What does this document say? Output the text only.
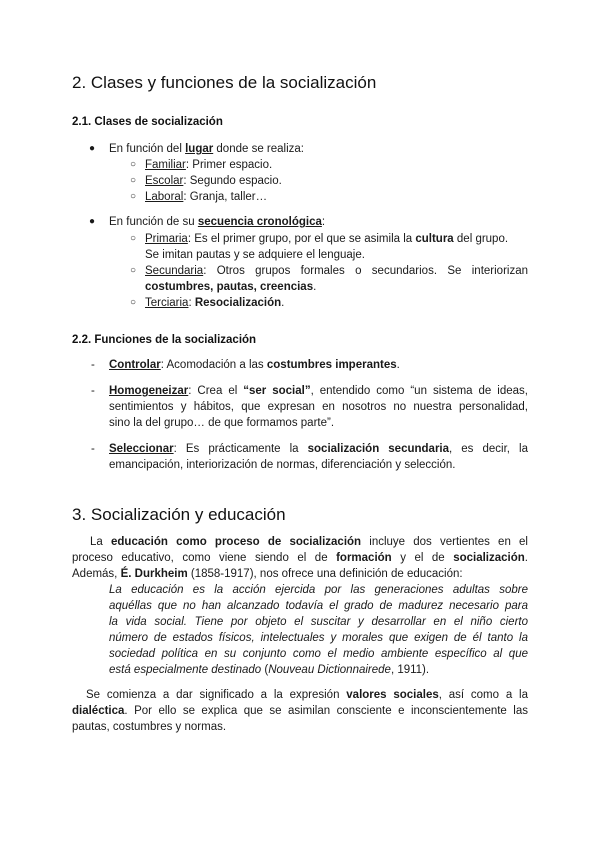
2. Clases y funciones de la socialización
2.1. Clases de socialización
● En función del lugar donde se realiza:
○ Familiar: Primer espacio.
○ Escolar: Segundo espacio.
○ Laboral: Granja, taller…
● En función de su secuencia cronológica:
○ Primaria: Es el primer grupo, por el que se asimila la cultura del grupo.
Se imitan pautas y se adquiere el lenguaje.
○ Secundaria: Otros grupos formales o secundarios. Se interiorizan
costumbres, pautas, creencias.
○ Terciaria: Resocialización.
2.2. Funciones de la socialización
- Controlar: Acomodación a las costumbres imperantes.
- Homogeneizar: Crea el “ser social”, entendido como “un sistema de ideas,
sentimientos y hábitos, que expresan en nosotros no nuestra personalidad,
sino la del grupo… de que formamos parte”.
- Seleccionar: Es prácticamente la socialización secundaria, es decir, la
emancipación, interiorización de normas, diferenciación y selección.
3. Socialización y educación
La educación como proceso de socialización incluye dos vertientes en el
proceso educativo, como viene siendo el de formación y el de socialización.
Además, É. Durkheim (1858-1917), nos ofrece una definición de educación:
La educación es la acción ejercida por las generaciones adultas sobre
aquéllas que no han alcanzado todavía el grado de madurez necesario para
la vida social. Tiene por objeto el suscitar y desarrollar en el niño cierto
número de estados físicos, intelectuales y morales que exigen de él tanto la
sociedad política en su conjunto como el medio ambiente específico al que
está especialmente destinado (Nouveau Dictionnairede, 1911).
Se comienza a dar significado a la expresión valores sociales, así como a la
dialéctica. Por ello se explica que se asimilan consciente e inconscientemente las
pautas, costumbres y normas.
